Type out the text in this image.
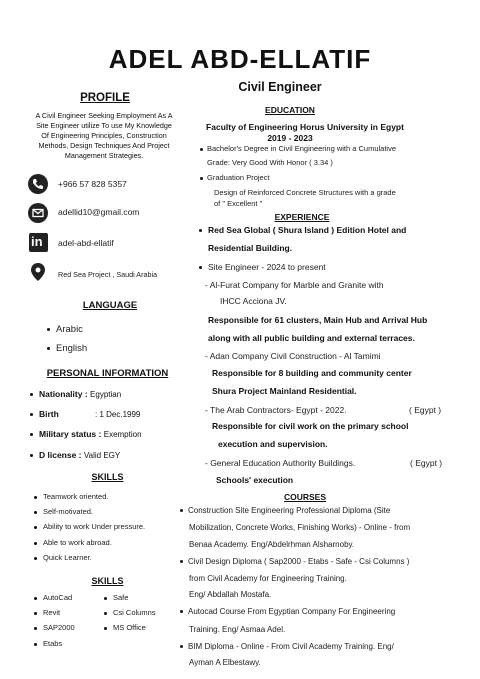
ADEL ABD-ELLATIF
Civil Engineer
PROFILE
A Civil Engineer Seeking Employment As A
Site Engineer utilize To use My Knowledge
Of Engineering Principles, Construction
Methods, Design Techniques And Project
Management Strategies.
+966 57 828 5357
adellid10@gmail.com
in adel-abd-ellatif
Red Sea Project , Saudi Arabia
LANGUAGE
Arabic
English
PERSONAL INFORMATION
Nationality : Egyptian
Birth	: 1 Dec.1999
Military status : Exemption
D license : Valid EGY
SKILLS
Teamwork oriented.
Self-motivated.
Ability to work Under pressure.
Able to work abroad.
Quick Learner.
SKILLS
AutoCad
Revit
SAP2000
Etabs
Safe
Csi Columns
MS Office
EDUCATION
Faculty of Engineering Horus University in Egypt
2019 - 2023
Bachelor's Degree in Civil Engineering with a Cumulative
Grade: Very Good With Honor ( 3.34 )
Graduation Project
Design of Reinforced Concrete Structures with a grade
of " Excellent "
EXPERIENCE
Red Sea Global ( Shura Island ) Edition Hotel and
Residential Building.
Site Engineer - 2024 to present
- Al-Furat Company for Marble and Granite with
IHCC Acciona JV.
Responsible for 61 clusters, Main Hub and Arrival Hub
along with all public building and external terraces.
- Adan Company Civil Construction - Al Tamimi
Responsible for 8 building and community center
Shura Project Mainland Residential.
- The Arab Contractors- Egypt - 2022.	( Egypt )
Responsible for civil work on the primary school
execution and supervision.
- General Education Authority Buildings.	( Egypt )
Schools' execution
COURSES
Construction Site Engineering Professional Diploma (Site
Mobilization, Concrete Works, Finishing Works) - Online - from
Benaa Academy. Eng/Abdelrhman Alsharnoby.
Civil Design Diploma ( Sap2000 - Etabs - Safe - Csi Columns )
from Civil Academy for Engineering Training.
Eng/ Abdallah Mostafa.
Autocad Course From Egyptian Company For Engineering
Training. Eng/ Asmaa Adel.
BIM Diploma - Online - From Civil Academy Training. Eng/
Ayman A Elbestawy.
